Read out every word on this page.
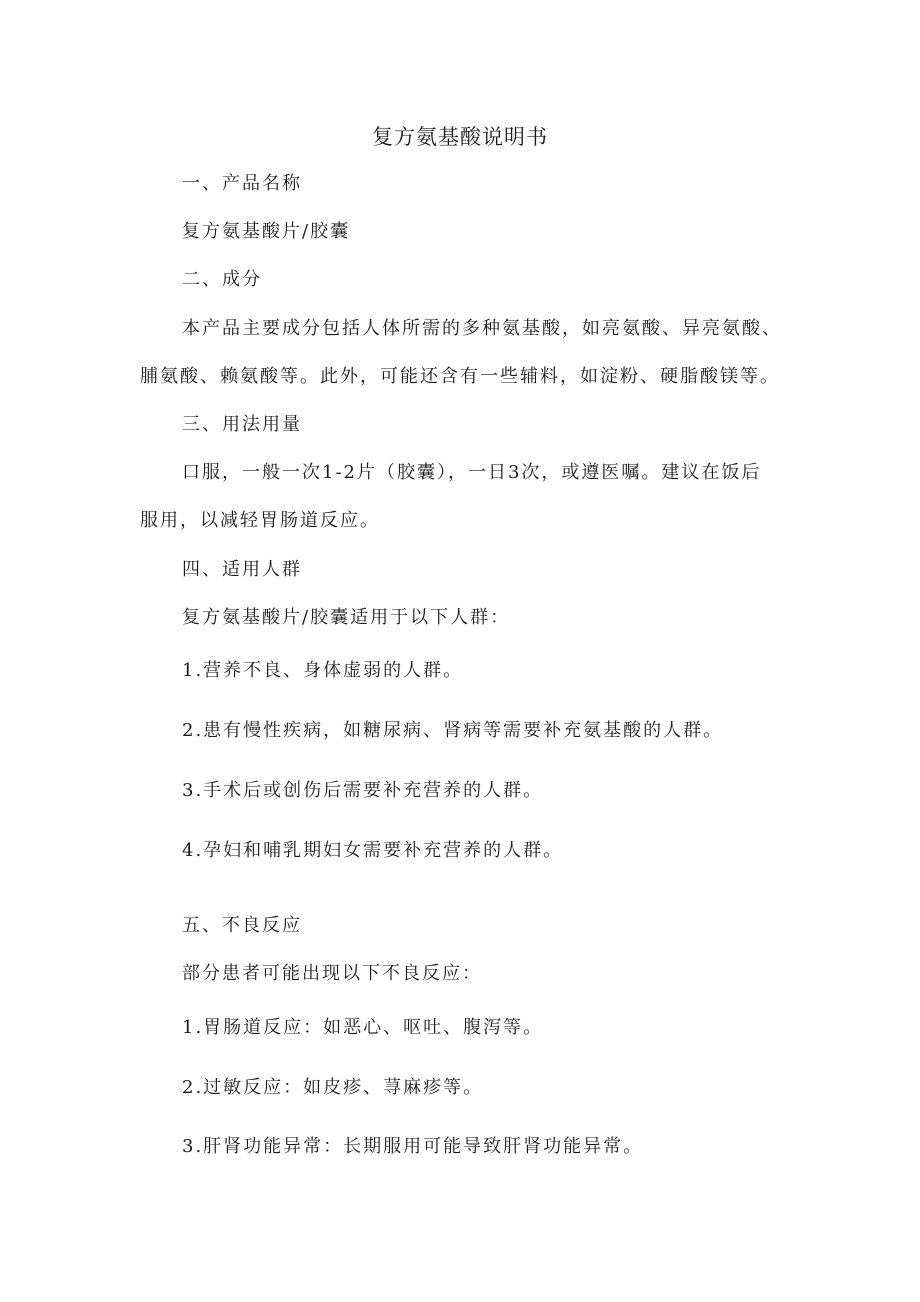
复方氨基酸说明书
一、产品名称
复方氨基酸片/胶囊
二、成分
本产品主要成分包括人体所需的多种氨基酸，如亮氨酸、异亮氨酸、
脯氨酸、赖氨酸等。此外，可能还含有一些辅料，如淀粉、硬脂酸镁等。
三、用法用量
口服，一般一次1-2片（胶囊），一日3次，或遵医嘱。建议在饭后
服用，以减轻胃肠道反应。
四、适用人群
复方氨基酸片/胶囊适用于以下人群：
1.营养不良、身体虚弱的人群。
2.患有慢性疾病，如糖尿病、肾病等需要补充氨基酸的人群。
3.手术后或创伤后需要补充营养的人群。
4.孕妇和哺乳期妇女需要补充营养的人群。
五、不良反应
部分患者可能出现以下不良反应：
1.胃肠道反应：如恶心、呕吐、腹泻等。
2.过敏反应：如皮疹、荨麻疹等。
3.肝肾功能异常：长期服用可能导致肝肾功能异常。
